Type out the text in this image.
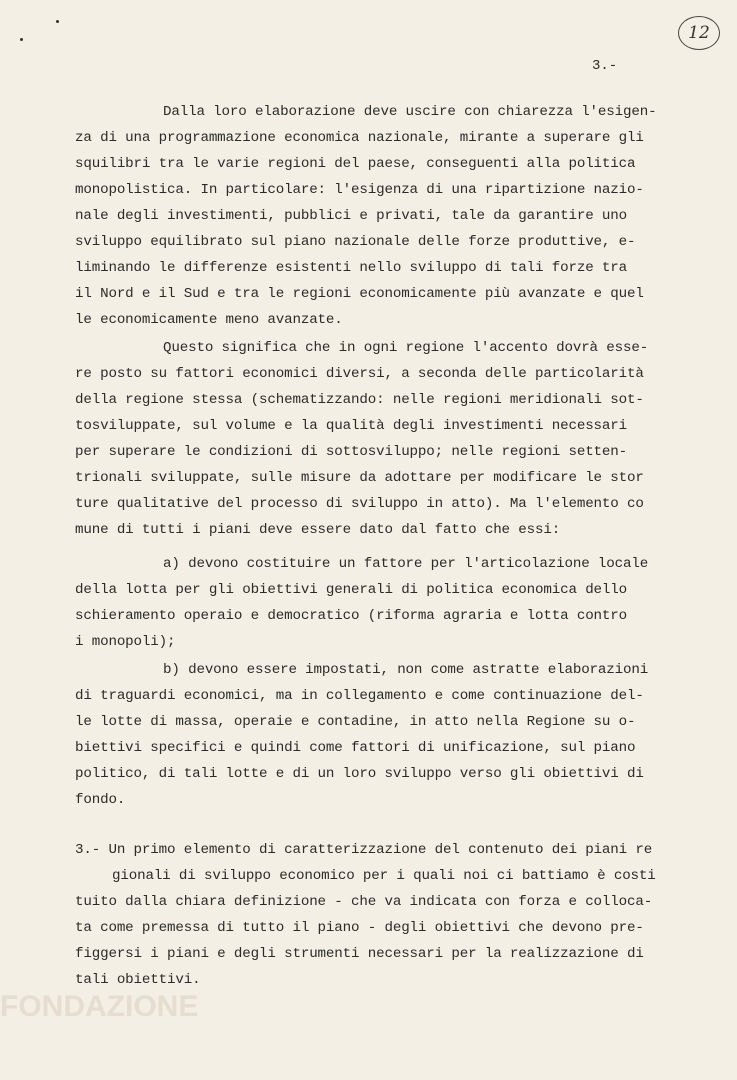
12
3.-
Dalla loro elaborazione deve uscire con chiarezza l'esigen-
za di una programmazione economica nazionale, mirante a superare gli
squilibri tra le varie regioni del paese, conseguenti alla politica
monopolistica. In particolare: l'esigenza di una ripartizione nazio-
nale degli investimenti, pubblici e privati, tale da garantire uno
sviluppo equilibrato sul piano nazionale delle forze produttive, e-
liminando le differenze esistenti nello sviluppo di tali forze tra
il Nord e il Sud e tra le regioni economicamente più avanzate e quel
le economicamente meno avanzate.
Questo significa che in ogni regione l'accento dovrà esse-
re posto su fattori economici diversi, a seconda delle particolarità
della regione stessa (schematizzando: nelle regioni meridionali sot-
tosviluppate, sul volume e la qualità degli investimenti necessari
per superare le condizioni di sottosviluppo; nelle regioni setten-
trionali sviluppate, sulle misure da adottare per modificare le stor
ture qualitative del processo di sviluppo in atto). Ma l'elemento co
mune di tutti i piani deve essere dato dal fatto che essi:
a) devono costituire un fattore per l'articolazione locale
della lotta per gli obiettivi generali di politica economica dello
schieramento operaio e democratico (riforma agraria e lotta contro
i monopoli);
b) devono essere impostati, non come astratte elaborazioni
di traguardi economici, ma in collegamento e come continuazione del-
le lotte di massa, operaie e contadine, in atto nella Regione su o-
biettivi specifici e quindi come fattori di unificazione, sul piano
politico, di tali lotte e di un loro sviluppo verso gli obiettivi di
fondo.
3.- Un primo elemento di caratterizzazione del contenuto dei piani re
gionali di sviluppo economico per i quali noi ci battiamo è costi
tuito dalla chiara definizione - che va indicata con forza e colloca-
ta come premessa di tutto il piano - degli obiettivi che devono pre-
figgersi i piani e degli strumenti necessari per la realizzazione di
tali obiettivi.
FONDAZIONE
